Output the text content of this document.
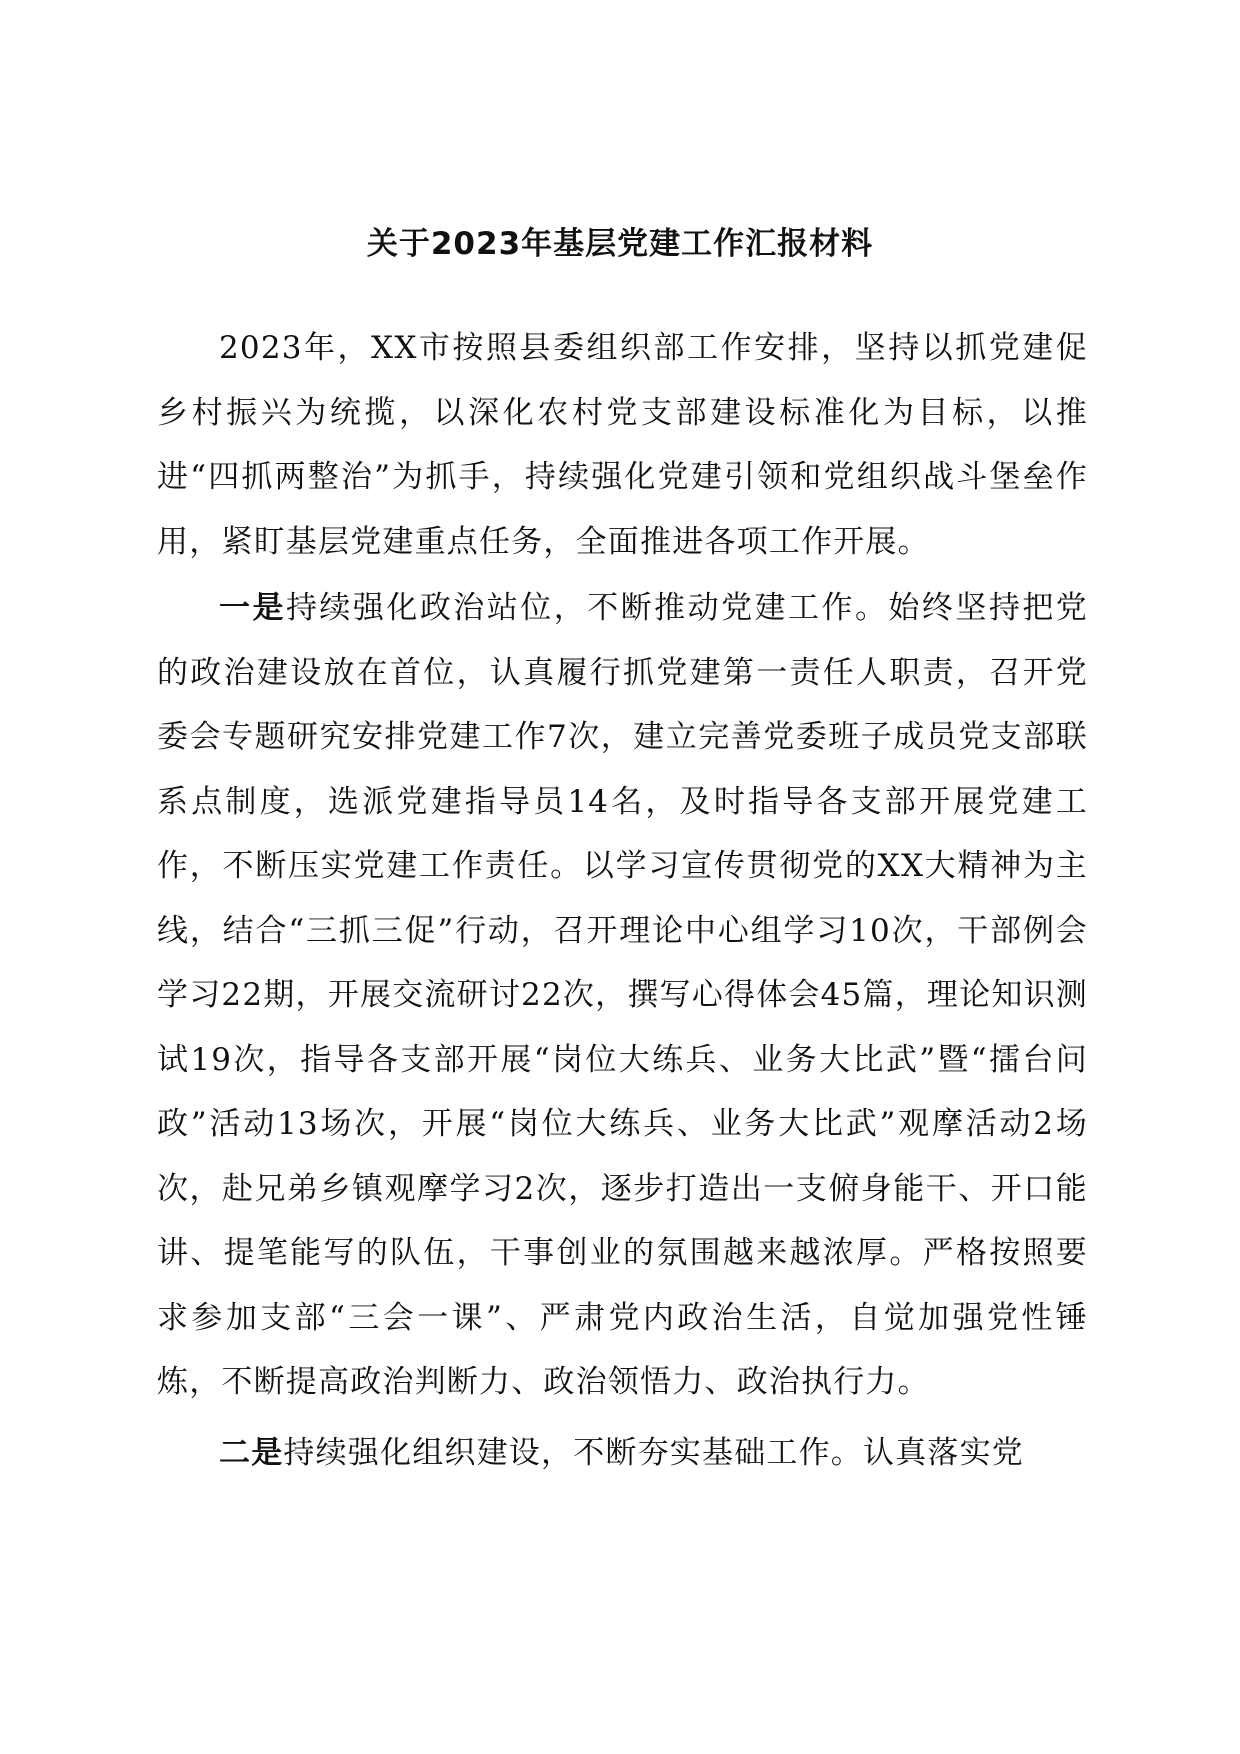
关于2023年基层党建工作汇报材料

2023年，XX市按照县委组织部工作安排，坚持以抓党建促乡村振兴为统揽，以深化农村党支部建设标准化为目标，以推进“四抓两整治”为抓手，持续强化党建引领和党组织战斗堡垒作用，紧盯基层党建重点任务，全面推进各项工作开展。

一是持续强化政治站位，不断推动党建工作。始终坚持把党的政治建设放在首位，认真履行抓党建第一责任人职责，召开党委会专题研究安排党建工作7次，建立完善党委班子成员党支部联系点制度，选派党建指导员14名，及时指导各支部开展党建工作，不断压实党建工作责任。以学习宣传贯彻党的XX大精神为主线，结合“三抓三促”行动，召开理论中心组学习10次，干部例会学习22期，开展交流研讨22次，撰写心得体会45篇，理论知识测试19次，指导各支部开展“岗位大练兵、业务大比武”暨“擂台问政”活动13场次，开展“岗位大练兵、业务大比武”观摩活动2场次，赴兄弟乡镇观摩学习2次，逐步打造出一支俯身能干、开口能讲、提笔能写的队伍，干事创业的氛围越来越浓厚。严格按照要求参加支部“三会一课”、严肃党内政治生活，自觉加强党性锤炼，不断提高政治判断力、政治领悟力、政治执行力。

二是持续强化组织建设，不断夯实基础工作。认真落实党
